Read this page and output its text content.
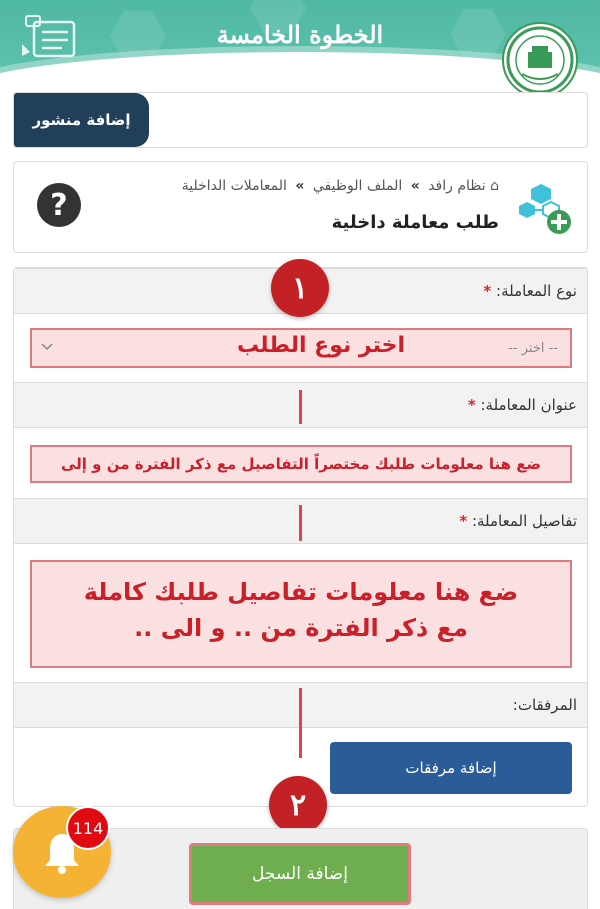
الخطوة الخامسة
إضافة منشور
⌂ نظام رافد » الملف الوظيفي » المعاملات الداخلية
طلب معاملة داخلية
?
نوع المعاملة: *
-- اختر --
اختر نوع الطلب
عنوان المعاملة: *
ضع هنا معلومات طلبك مختصراً التفاصيل مع ذكر الفترة من و إلى
تفاصيل المعاملة: *
ضع هنا معلومات تفاصيل طلبك كاملة
مع ذكر الفترة من .. و الى ..
المرفقات:
إضافة مرفقات
١
٢
إضافة السجل
114
